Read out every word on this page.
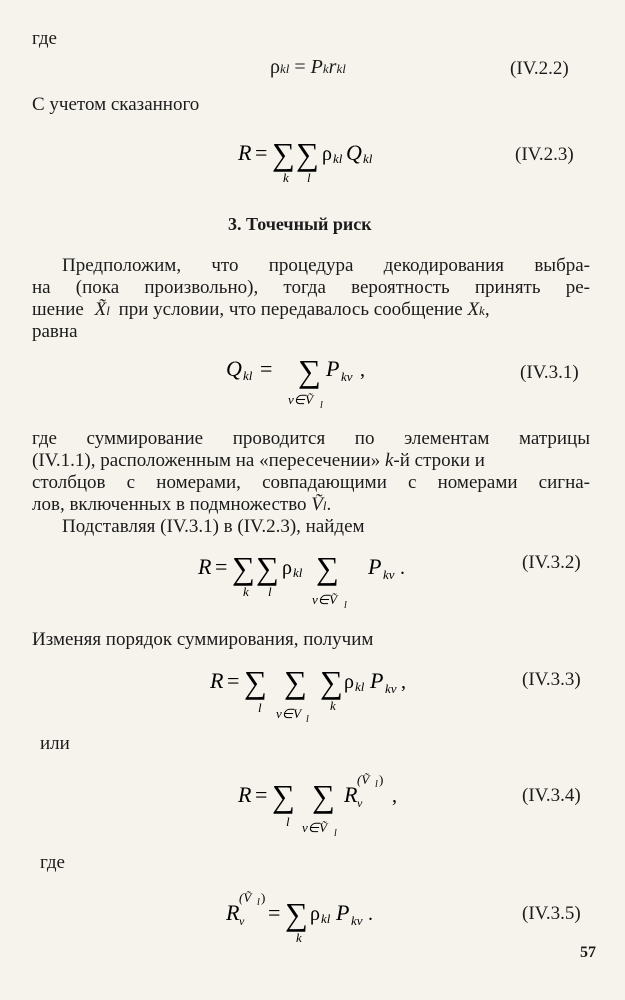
где
ρkl = Pkrkl	(IV.2.2)
С учетом сказанного
R = ∑
k
∑
l
ρ kl Q kl	(IV.2.3)
3. Точечный риск
Предположим, что процедура декодирования выбра-
на (пока произвольно), тогда вероятность принять ре-
шение X̃l при условии, что передавалось сообщение Xk,
равна
Q kl = ∑
ν∈Ṽ l
P kν ,	(IV.3.1)
где суммирование проводится по элементам матрицы
(IV.1.1), расположенным на «пересечении» k-й строки и
столбцов с номерами, совпадающими с номерами сигна-
лов, включенных в подмножество Ṽl.
Подставляя (IV.3.1) в (IV.2.3), найдем
R = ∑
k
∑
l
ρ kl ∑
ν∈Ṽ l
P kν .	(IV.3.2)
Изменяя порядок суммирования, получим
R = ∑
l
∑
ν∈V l
∑
k
ρ kl P kν ,	(IV.3.3)
или
R = ∑
l
∑
ν∈Ṽ l
R ν
(Ṽ l )
,	(IV.3.4)
где
R ν
(Ṽ l )
= ∑
k
ρ kl P kν .	(IV.3.5)
57
